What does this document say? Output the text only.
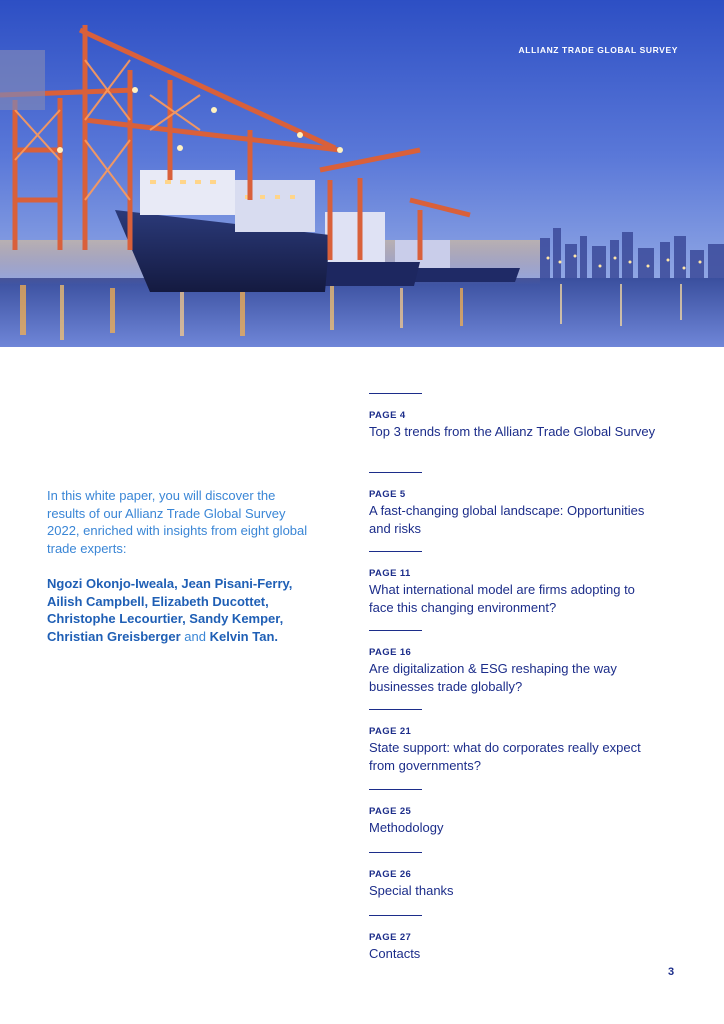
ALLIANZ TRADE GLOBAL SURVEY
In this white paper, you will discover the results of our Allianz Trade Global Survey 2022, enriched with insights from eight global trade experts:
Ngozi Okonjo-Iweala, Jean Pisani-Ferry, Ailish Campbell, Elizabeth Ducottet, Christophe Lecourtier, Sandy Kemper, Christian Greisberger and Kelvin Tan.
PAGE 4
Top 3 trends from the Allianz Trade Global Survey
PAGE 5
A fast-changing global landscape: Opportunities and risks
PAGE 11
What international model are firms adopting to face this changing environment?
PAGE 16
Are digitalization & ESG reshaping the way businesses trade globally?
PAGE 21
State support: what do corporates really expect from governments?
PAGE 25
Methodology
PAGE 26
Special thanks
PAGE 27
Contacts
3
